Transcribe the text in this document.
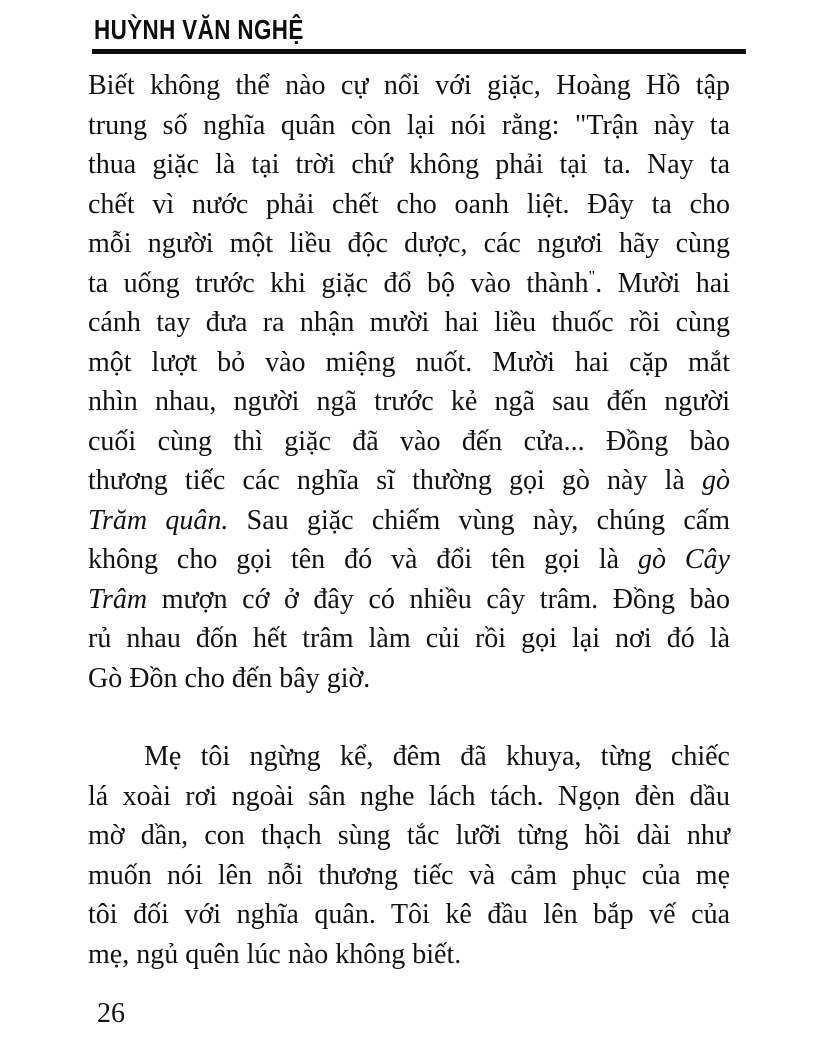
HUỲNH VĂN NGHỆ
Biết không thể nào cự nổi với giặc, Hoàng Hồ tập
trung số nghĩa quân còn lại nói rằng: "Trận này ta
thua giặc là tại trời chứ không phải tại ta. Nay ta
chết vì nước phải chết cho oanh liệt. Đây ta cho
mỗi người một liều độc dược, các ngươi hãy cùng
ta uống trước khi giặc đổ bộ vào thành". Mười hai
cánh tay đưa ra nhận mười hai liều thuốc rồi cùng
một lượt bỏ vào miệng nuốt. Mười hai cặp mắt
nhìn nhau, người ngã trước kẻ ngã sau đến người
cuối cùng thì giặc đã vào đến cửa... Đồng bào
thương tiếc các nghĩa sĩ thường gọi gò này là gò
Trăm quân. Sau giặc chiếm vùng này, chúng cấm
không cho gọi tên đó và đổi tên gọi là gò Cây
Trâm mượn cớ ở đây có nhiều cây trâm. Đồng bào
rủ nhau đốn hết trâm làm củi rồi gọi lại nơi đó là
Gò Đồn cho đến bây giờ.
Mẹ tôi ngừng kể, đêm đã khuya, từng chiếc
lá xoài rơi ngoài sân nghe lách tách. Ngọn đèn dầu
mờ dần, con thạch sùng tắc lưỡi từng hồi dài như
muốn nói lên nỗi thương tiếc và cảm phục của mẹ
tôi đối với nghĩa quân. Tôi kê đầu lên bắp vế của
mẹ, ngủ quên lúc nào không biết.
26
